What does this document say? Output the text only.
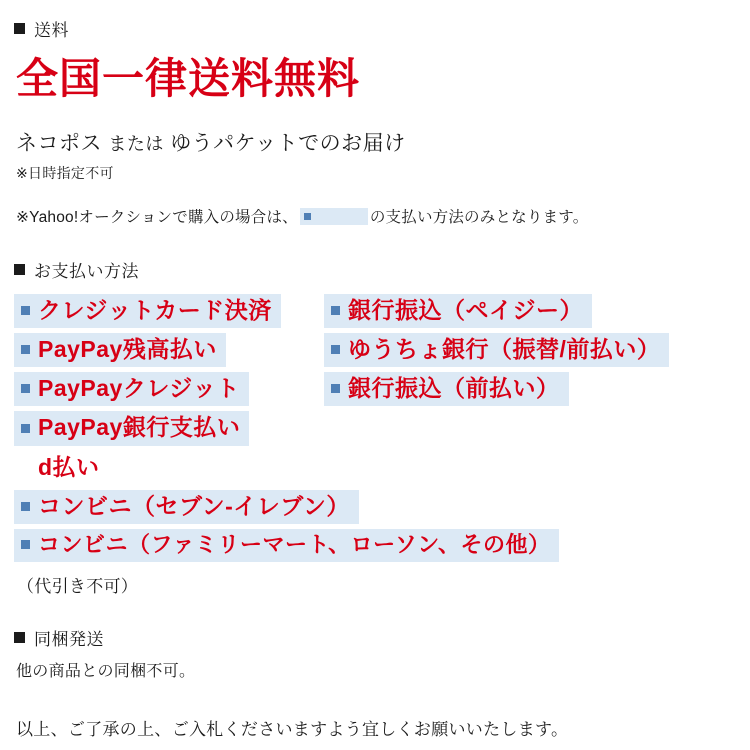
送料
全国一律送料無料
ネコポス または ゆうパケットでのお届け
※日時指定不可
※Yahoo!オークションで購入の場合は、	の支払い方法のみとなります。
お支払い方法
クレジットカード決済	銀行振込（ペイジー）
PayPay残高払い	ゆうちょ銀行（振替/前払い）
PayPayクレジット	銀行振込（前払い）
PayPay銀行支払い
d払い
コンビニ（セブン-イレブン）
コンビニ（ファミリーマート、ローソン、その他）
（代引き不可）
同梱発送
他の商品との同梱不可。
以上、ご了承の上、ご入札くださいますよう宜しくお願いいたします。
